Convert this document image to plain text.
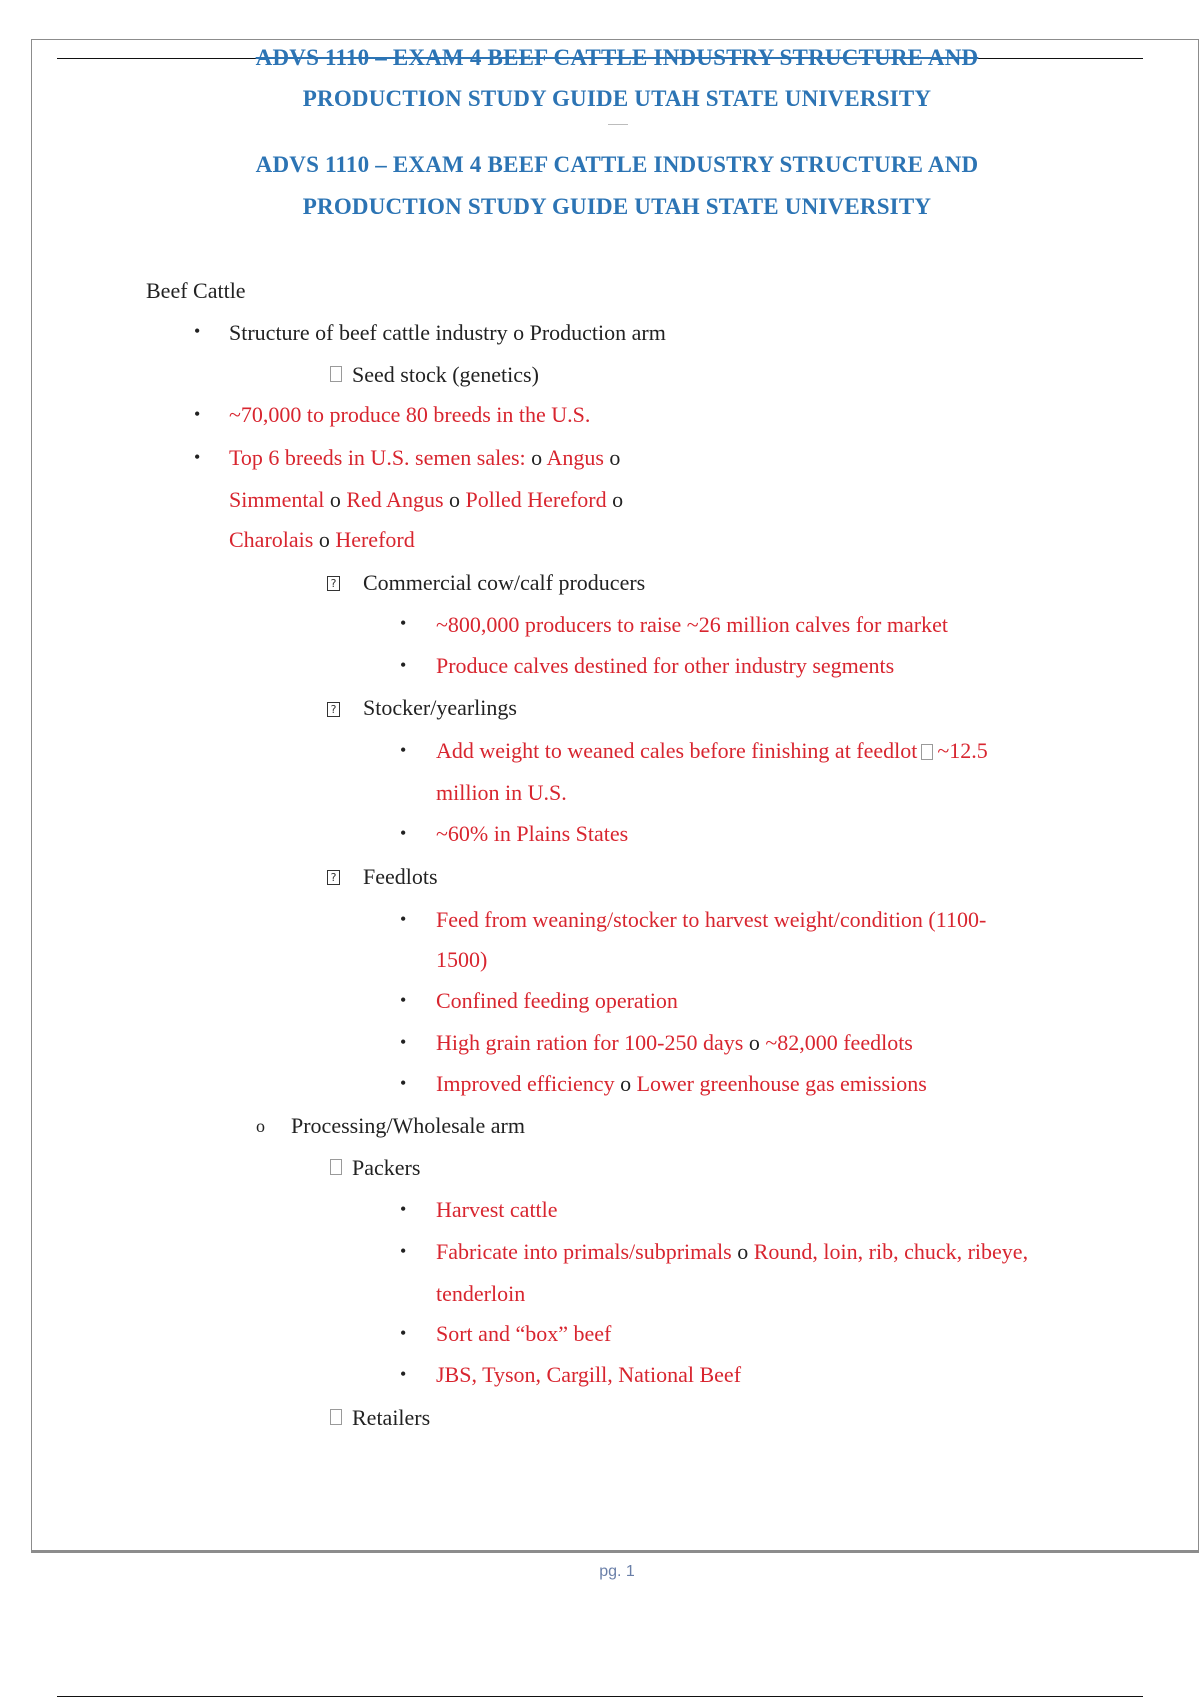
ADVS 1110 – EXAM 4 BEEF CATTLE INDUSTRY STRUCTURE AND
PRODUCTION STUDY GUIDE UTAH STATE UNIVERSITY
ADVS 1110 – EXAM 4 BEEF CATTLE INDUSTRY STRUCTURE AND
PRODUCTION STUDY GUIDE UTAH STATE UNIVERSITY
Beef Cattle
• Structure of beef cattle industry o Production arm
Seed stock (genetics)
• ~70,000 to produce 80 breeds in the U.S.
• Top 6 breeds in U.S. semen sales: o Angus o
Simmental o Red Angus o Polled Hereford o
Charolais o Hereford
? Commercial cow/calf producers
• ~800,000 producers to raise ~26 million calves for market
• Produce calves destined for other industry segments
? Stocker/yearlings
• Add weight to weaned cales before finishing at feedlot ~12.5
million in U.S.
• ~60% in Plains States
? Feedlots
• Feed from weaning/stocker to harvest weight/condition (1100-
1500)
• Confined feeding operation
• High grain ration for 100-250 days o ~82,000 feedlots
• Improved efficiency o Lower greenhouse gas emissions
o Processing/Wholesale arm
Packers
• Harvest cattle
• Fabricate into primals/subprimals o Round, loin, rib, chuck, ribeye,
tenderloin
• Sort and “box” beef
• JBS, Tyson, Cargill, National Beef
Retailers
pg. 1
